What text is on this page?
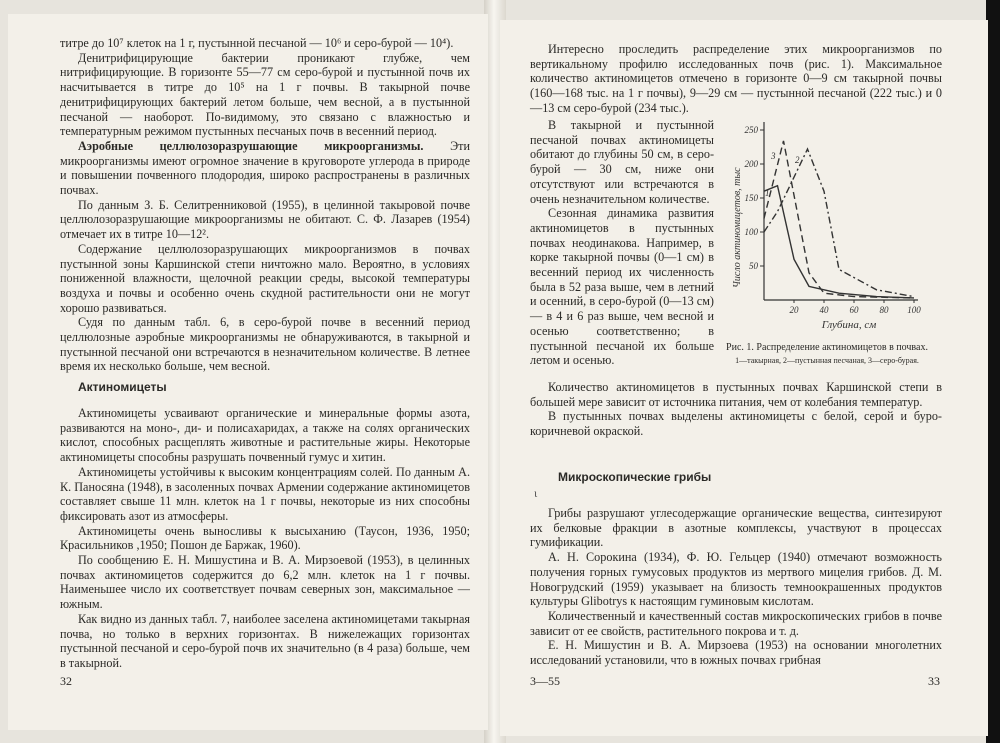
титре до 10⁷ клеток на 1 г, пустынной песчаной — 10⁶ и серо-бурой — 10⁴).

Денитрифицирующие бактерии проникают глубже, чем нитрифицирующие. В горизонте 55—77 см серо-бурой и пустынной почв их насчитывается в титре до 10⁵ на 1 г почвы. В такырной почве денитрифицирующих бактерий летом больше, чем весной, а в пустынной песчаной — наоборот. По-видимому, это связано с влажностью и температурным режимом пустынных песчаных почв в весенний период.

Аэробные целлюлозоразрушающие микроорганизмы. Эти микроорганизмы имеют огромное значение в круговороте углерода в природе и повышении почвенного плодородия, широко распространены в различных почвах.

По данным З. Б. Селитренниковой (1955), в целинной такыровой почве целлюлозоразрушающие микроорганизмы не обитают. С. Ф. Лазарев (1954) отмечает их в титре 10—12².

Содержание целлюлозоразрушающих микроорганизмов в почвах пустынной зоны Каршинской степи ничтожно мало. Вероятно, в условиях пониженной влажности, щелочной реакции среды, высокой температуры воздуха и почвы и особенно очень скудной растительности они не могут хорошо развиваться.

Судя по данным табл. 6, в серо-бурой почве в весенний период целлюлозные аэробные микроорганизмы не обнаруживаются, в такырной и пустынной песчаной они встречаются в незначительном количестве. В летнее время их несколько больше, чем весной.

Актиномицеты

Актиномицеты усваивают органические и минеральные формы азота, развиваются на моно-, ди- и полисахаридах, а также на солях органических кислот, способных расщеплять животные и растительные жиры. Некоторые актиномицеты способны разрушать почвенный гумус и хитин.

Актиномицеты устойчивы к высоким концентрациям солей. По данным А. К. Паносяна (1948), в засоленных почвах Армении содержание актиномицетов составляет свыше 11 млн. клеток на 1 г почвы, некоторые из них способны фиксировать азот из атмосферы.

Актиномицеты очень выносливы к высыханию (Таусон, 1936, 1950; Красильников ,1950; Пошон де Баржак, 1960).

По сообщению Е. Н. Мишустина и В. А. Мирзоевой (1953), в целинных почвах актиномицетов содержится до 6,2 млн. клеток на 1 г почвы. Наименьшее число их соответствует почвам северных зон, максимальное — южным.

Как видно из данных табл. 7, наиболее заселена актиномицетами такырная почва, но только в верхних горизонтах. В нижележащих горизонтах пустынной песчаной и серо-бурой почв их значительно (в 4 раза) больше, чем в такырной.

32

Интересно проследить распределение этих микроорганизмов по вертикальному профилю исследованных почв (рис. 1). Максимальное количество актиномицетов отмечено в горизонте 0—9 см такырной почвы (160—168 тыс. на 1 г почвы), 9—29 см — пустынной песчаной (222 тыс.) и 0—13 см серо-бурой (234 тыс.).

В такырной и пустынной песчаной почвах актиномицеты обитают до глубины 50 см, в серо-бурой — 30 см, ниже они отсутствуют или встречаются в очень незначительном количестве.

Сезонная динамика развития актиномицетов в пустынных почвах неодинакова. Например, в корке такырной почвы (0—1 см) в весенний период их численность была в 52 раза выше, чем в летний и осенний, в серо-бурой (0—13 см) — в 4 и 6 раз выше, чем весной и осенью соответственно; в пустынной песчаной их больше летом и осенью.

50
100
150
200
250
20 40 60 80 100
Число актиномицетов, тыс
Глубина, см
1
2
3
Рис. 1. Распределение актиномицетов в почвах.
1—такырная, 2—пустынная песчаная, 3—серо-бурая.

Количество актиномицетов в пустынных почвах Каршинской степи в большей мере зависит от источника питания, чем от колебания температур.

В пустынных почвах выделены актиномицеты с белой, серой и буро-коричневой окраской.

Микроскопические грибы
ι

Грибы разрушают углесодержащие органические вещества, синтезируют их белковые фракции в азотные комплексы, участвуют в процессах гумификации.

А. Н. Сорокина (1934), Ф. Ю. Гельцер (1940) отмечают возможность получения горных гумусовых продуктов из мертвого мицелия грибов. Д. М. Новогрудский (1959) указывает на близость темноокрашенных продуктов культуры Glibotrys к настоящим гуминовым кислотам.

Количественный и качественный состав микроскопических грибов в почве зависит от ее свойств, растительного покрова и т. д.

Е. Н. Мишустин и В. А. Мирзоева (1953) на основании многолетних исследований установили, что в южных почвах грибная

3—55	33
